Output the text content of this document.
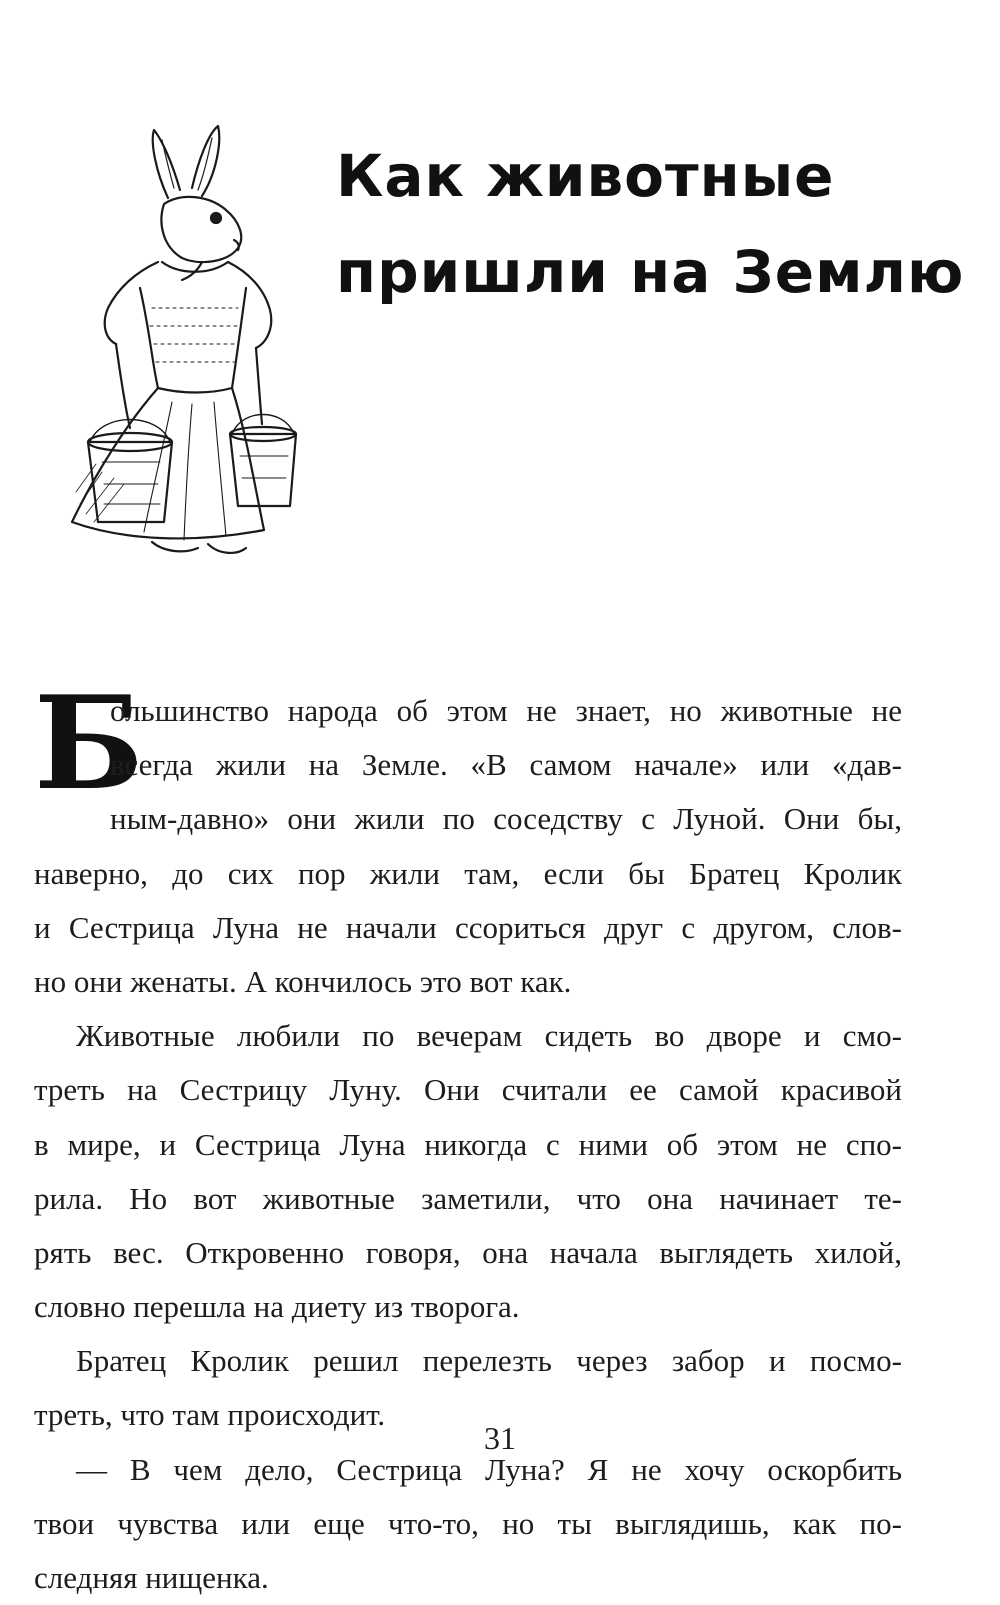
Как животные
пришли на Землю
Б
ольшинство народа об этом не знает, но животные не
всегда жили на Земле. «В самом начале» или «дав-
ным-давно» они жили по соседству с Луной. Они бы,
наверно, до сих пор жили там, если бы Братец Кролик
и Сестрица Луна не начали ссориться друг с другом, слов-
но они женаты. А кончилось это вот как.
Животные любили по вечерам сидеть во дворе и смо-
треть на Сестрицу Луну. Они считали ее самой красивой
в мире, и Сестрица Луна никогда с ними об этом не спо-
рила. Но вот животные заметили, что она начинает те-
рять вес. Откровенно говоря, она начала выглядеть хилой,
словно перешла на диету из творога.
Братец Кролик решил перелезть через забор и посмо-
треть, что там происходит.
— В чем дело, Сестрица Луна? Я не хочу оскорбить
твои чувства или еще что-то, но ты выглядишь, как по-
следняя нищенка.
31
